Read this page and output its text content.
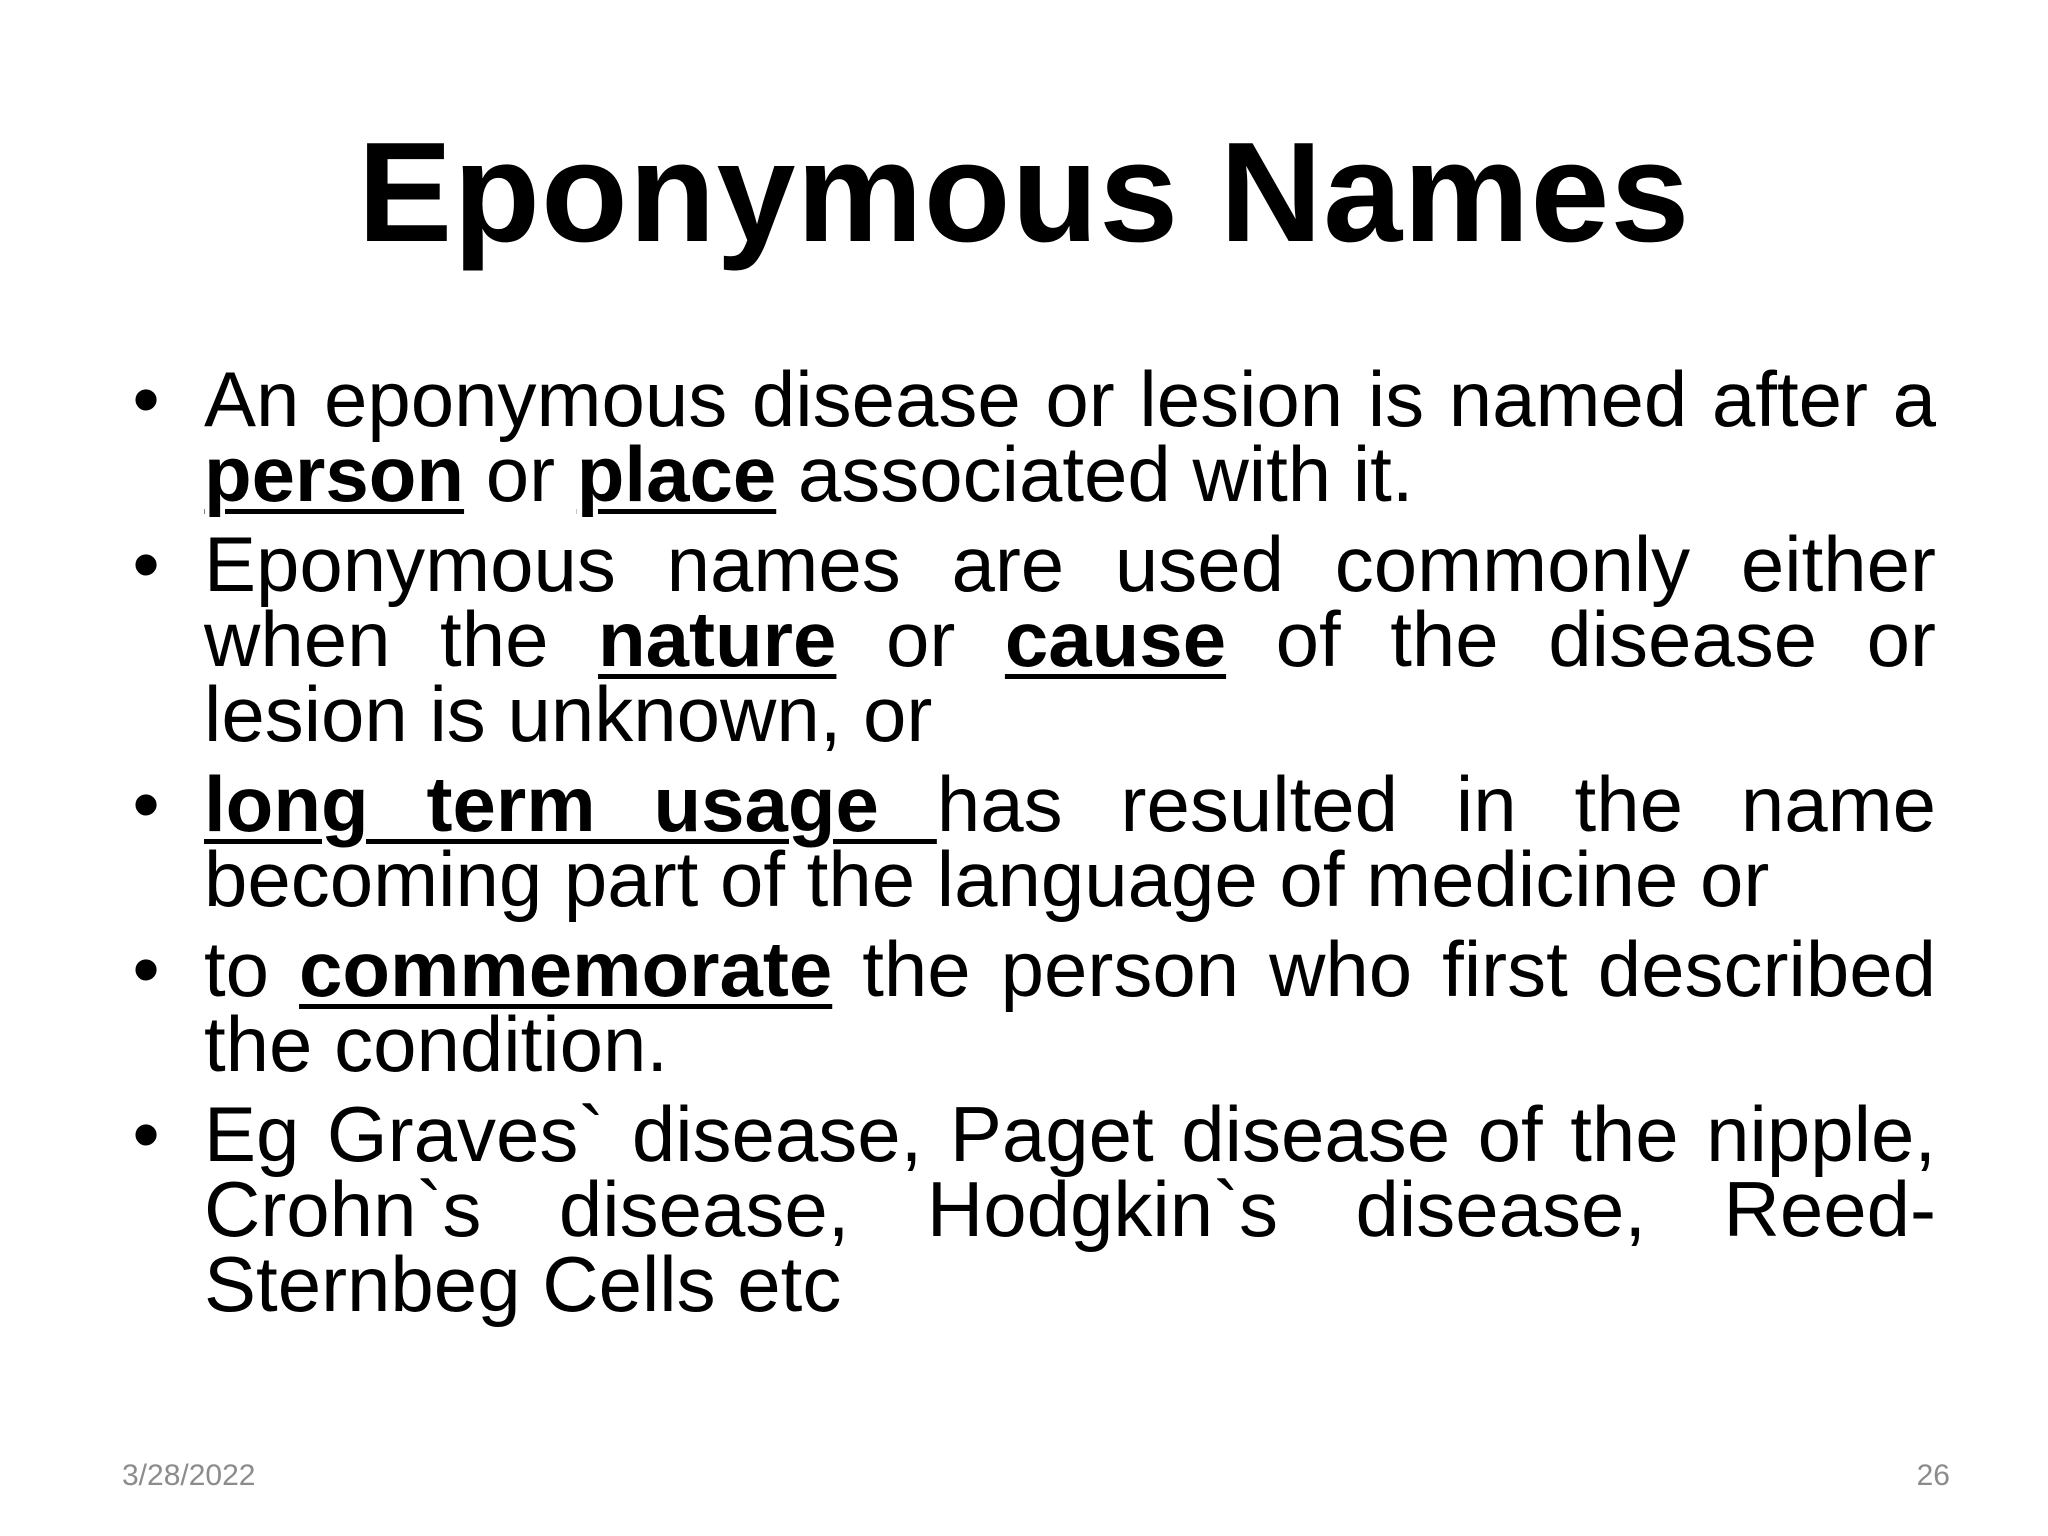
Eponymous Names
• An eponymous disease or lesion is named after a person or place associated with it.
• Eponymous names are used commonly either when the nature or cause of the disease or lesion is unknown, or
• long term usage has resulted in the name becoming part of the language of medicine or
• to commemorate the person who first described the condition.
• Eg Graves` disease, Paget disease of the nipple, Crohn`s disease, Hodgkin`s disease, Reed-Sternbeg Cells etc
3/28/2022	26
